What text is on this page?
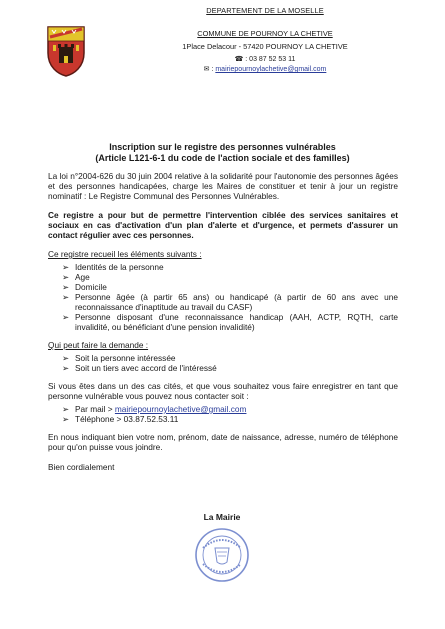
DEPARTEMENT DE LA MOSELLE
COMMUNE DE POURNOY LA CHETIVE
1Place Delacour - 57420 POURNOY LA CHETIVE
☎ : 03 87 52 53 11
✉ : mairiepournoylachetive@gmail.com
Inscription sur le registre des personnes vulnérables
(Article L121-6-1 du code de l'action sociale et des familles)

La loi n°2004-626 du 30 juin 2004 relative à la solidarité pour l'autonomie des personnes âgées et des personnes handicapées, charge les Maires de constituer et tenir à jour un registre nominatif : Le Registre Communal des Personnes Vulnérables.

Ce registre a pour but de permettre l'intervention ciblée des services sanitaires et sociaux en cas d'activation d'un plan d'alerte et d'urgence, et permets d'assurer un contact régulier avec ces personnes.

Ce registre recueil les éléments suivants :

➢ Identités de la personne
➢ Age
➢ Domicile
➢ Personne âgée (à partir 65 ans) ou handicapé (à partir de 60 ans avec une reconnaissance d'inaptitude au travail du CASF)
➢ Personne disposant d'une reconnaissance handicap (AAH, ACTP, RQTH, carte invalidité, ou bénéficiant d'une pension invalidité)

Qui peut faire la demande :

➢ Soit la personne intéressée
➢ Soit un tiers avec accord de l'intéressé

Si vous êtes dans un des cas cités, et que vous souhaitez vous faire enregistrer en tant que personne vulnérable vous pouvez nous contacter soit :

➢ Par mail > mairiepournoylachetive@gmail.com
➢ Téléphone > 03.87.52.53.11

En nous indiquant bien votre nom, prénom, date de naissance, adresse, numéro de téléphone pour qu'on puisse vous joindre.

Bien cordialement

La Mairie
